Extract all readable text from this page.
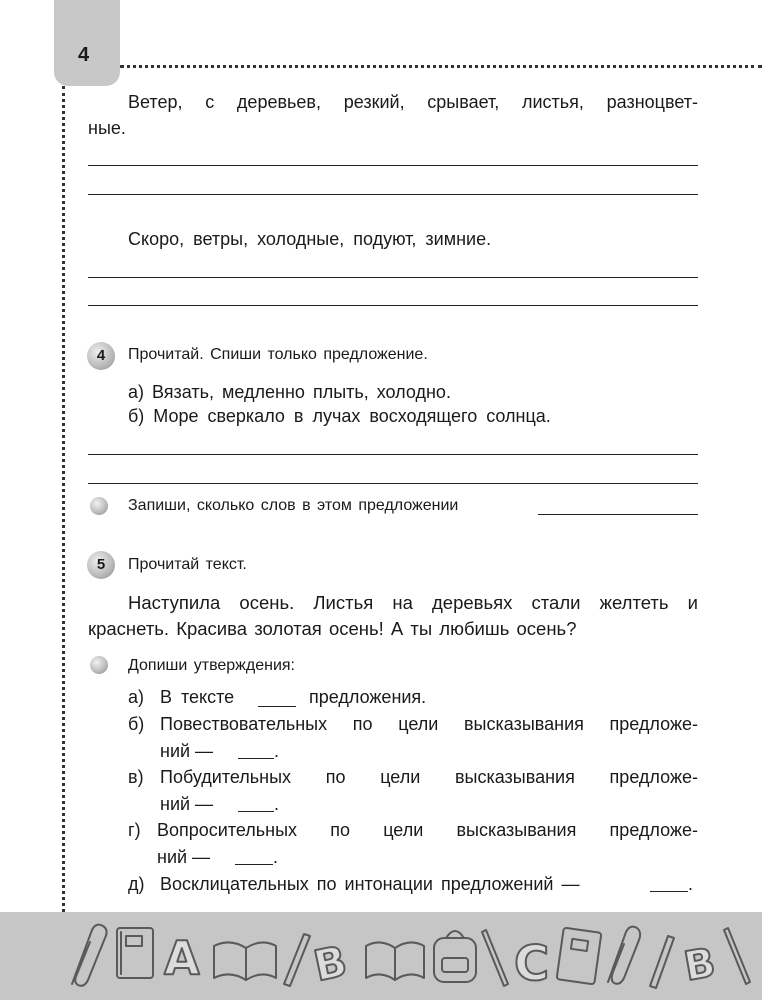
4
Ветер, с деревьев, резкий, срывает, листья, разноцвет-
ные.
Скоро, ветры, холодные, подуют, зимние.
4	Прочитай. Спиши только предложение.
а) Вязать, медленно плыть, холодно.
б) Море сверкало в лучах восходящего солнца.
Запиши, сколько слов в этом предложении
5	Прочитай текст.
Наступила осень. Листья на деревьях стали желтеть и краснеть. Красива золотая осень! А ты любишь осень?
Допиши утверждения:
а) В тексте	предложения.
б) Повествовательных по цели высказывания предложе-
ний —	.
в) Побудительных по цели высказывания предложе-
ний —	.
г) Вопросительных по цели высказывания предложе-
ний —	.
д) Восклицательных по интонации предложений —	.
А	В	С	В
